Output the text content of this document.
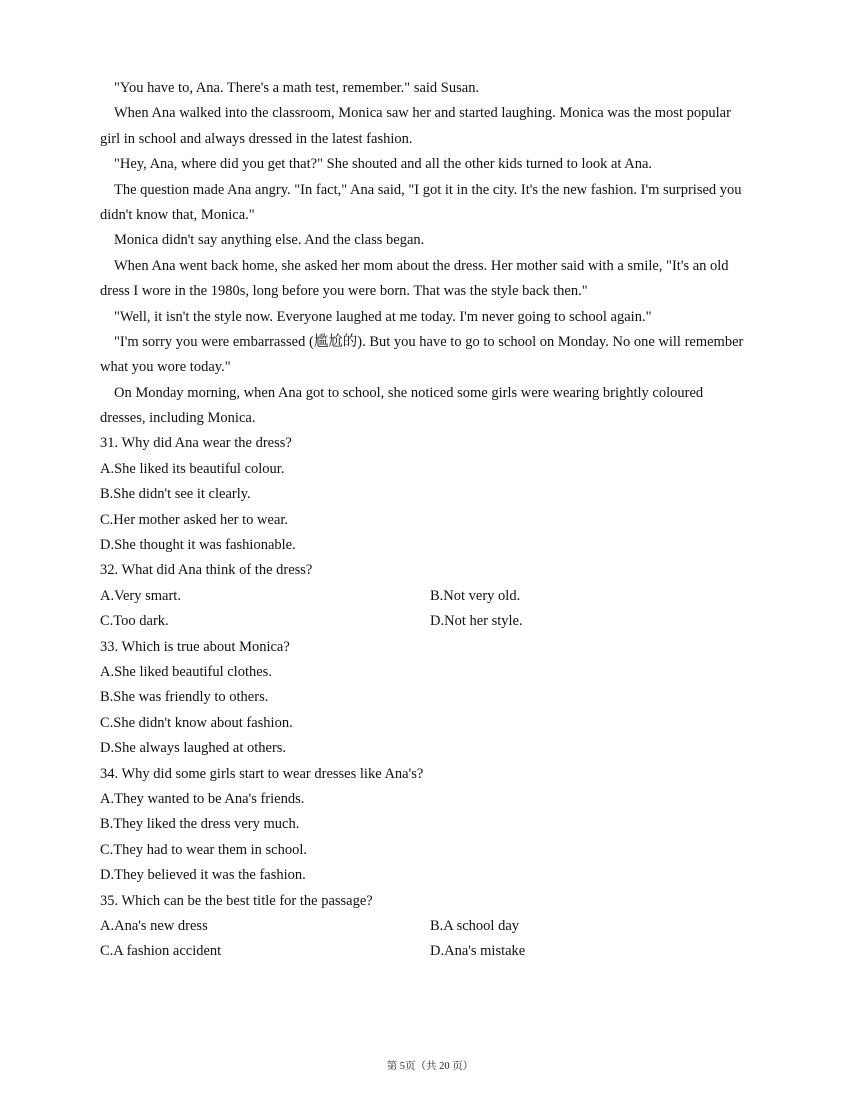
"You have to, Ana. There's a math test, remember." said Susan.
When Ana walked into the classroom, Monica saw her and started laughing. Monica was the most popular
girl in school and always dressed in the latest fashion.
"Hey, Ana, where did you get that?" She shouted and all the other kids turned to look at Ana.
The question made Ana angry. "In fact," Ana said, "I got it in the city. It's the new fashion. I'm surprised you
didn't know that, Monica."
Monica didn't say anything else. And the class began.
When Ana went back home, she asked her mom about the dress. Her mother said with a smile, "It's an old
dress I wore in the 1980s, long before you were born. That was the style back then."
"Well, it isn't the style now. Everyone laughed at me today. I'm never going to school again."
"I'm sorry you were embarrassed (尴尬的). But you have to go to school on Monday. No one will remember
what you wore today."
On Monday morning, when Ana got to school, she noticed some girls were wearing brightly coloured
dresses, including Monica.
31. Why did Ana wear the dress?
A.She liked its beautiful colour.
B.She didn't see it clearly.
C.Her mother asked her to wear.
D.She thought it was fashionable.
32. What did Ana think of the dress?
A.Very smart.	B.Not very old.
C.Too dark.	D.Not her style.
33. Which is true about Monica?
A.She liked beautiful clothes.
B.She was friendly to others.
C.She didn't know about fashion.
D.She always laughed at others.
34. Why did some girls start to wear dresses like Ana's?
A.They wanted to be Ana's friends.
B.They liked the dress very much.
C.They had to wear them in school.
D.They believed it was the fashion.
35. Which can be the best title for the passage?
A.Ana's new dress	B.A school day
C.A fashion accident	D.Ana's mistake
第 5页（共 20 页）
